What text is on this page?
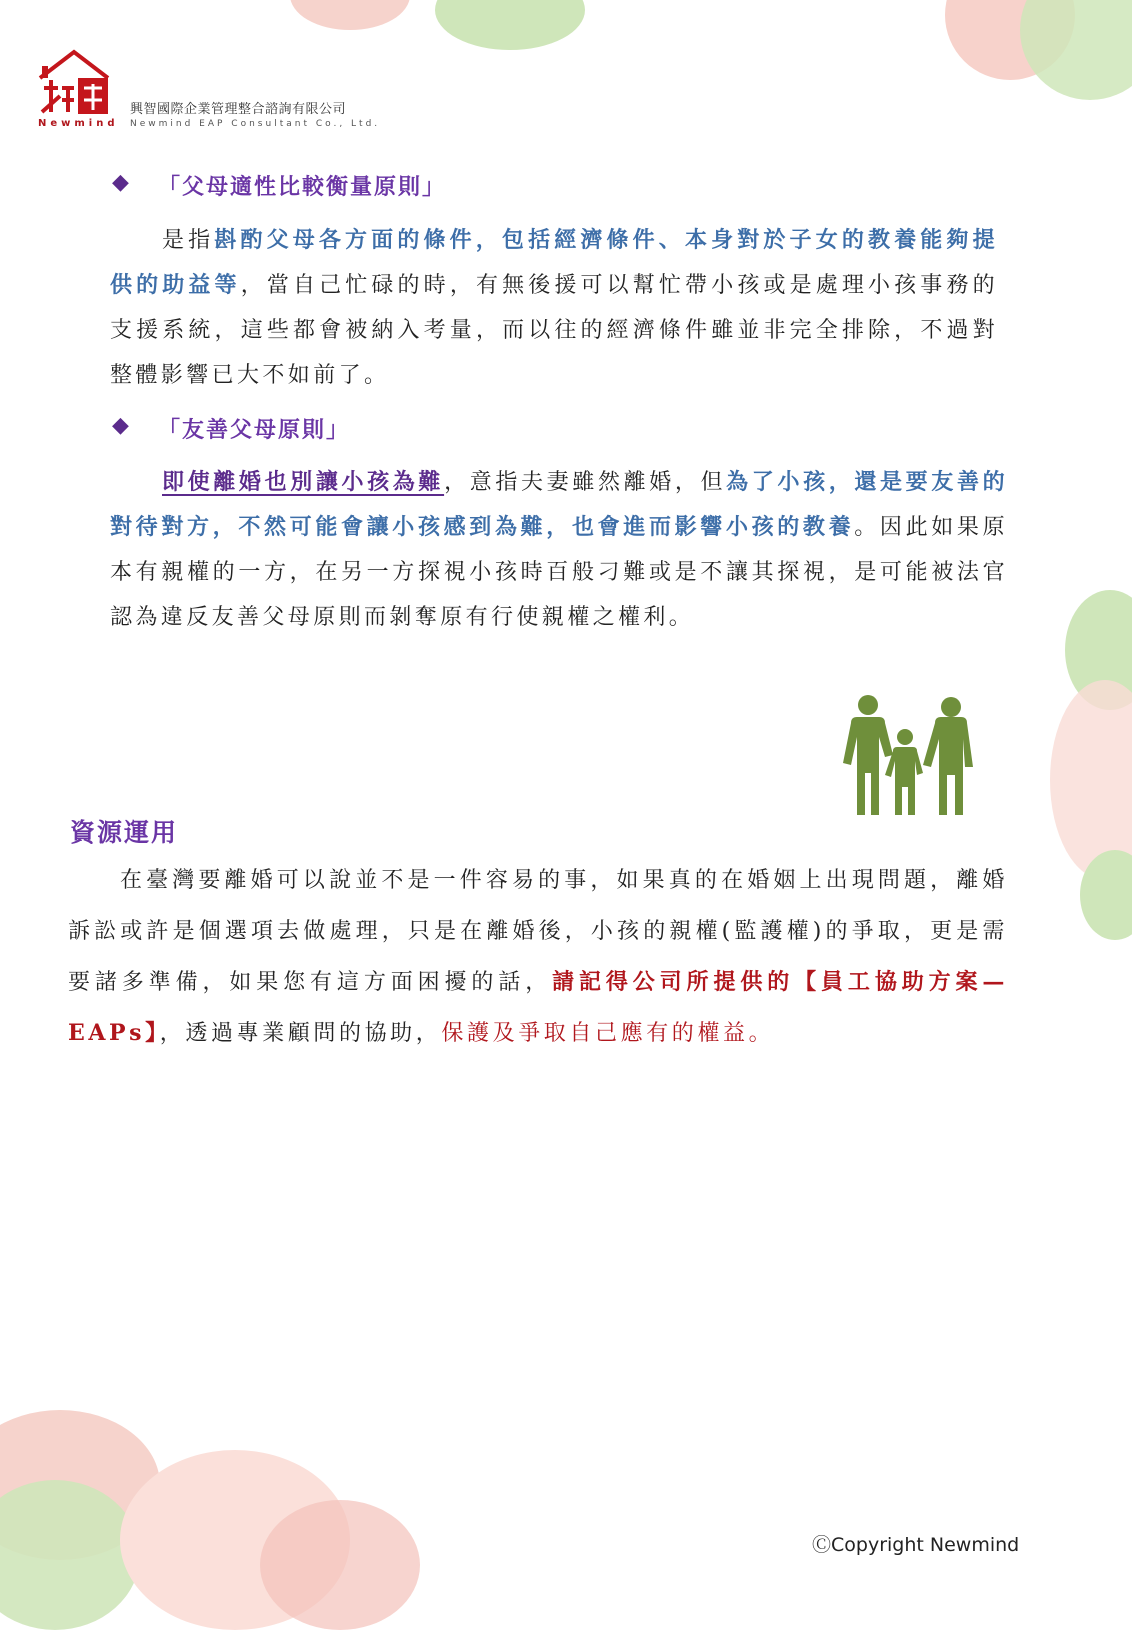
Newmind
興智國際企業管理整合諮詢有限公司
Newmind EAP Consultant Co., Ltd.
◆ 「父母適性比較衡量原則」
是指斟酌父母各方面的條件，包括經濟條件、本身對於子女的教養能夠提供的助益等，當自己忙碌的時，有無後援可以幫忙帶小孩或是處理小孩事務的支援系統，這些都會被納入考量，而以往的經濟條件雖並非完全排除，不過對整體影響已大不如前了。
◆ 「友善父母原則」
即使離婚也別讓小孩為難，意指夫妻雖然離婚，但為了小孩，還是要友善的對待對方，不然可能會讓小孩感到為難，也會進而影響小孩的教養。因此如果原本有親權的一方，在另一方探視小孩時百般刁難或是不讓其探視，是可能被法官認為違反友善父母原則而剝奪原有行使親權之權利。
資源運用
在臺灣要離婚可以說並不是一件容易的事，如果真的在婚姻上出現問題，離婚訴訟或許是個選項去做處理，只是在離婚後，小孩的親權(監護權)的爭取，更是需要諸多準備，如果您有這方面困擾的話，請記得公司所提供的【員工協助方案—EAPs】，透過專業顧問的協助，保護及爭取自己應有的權益。
ⒸCopyright Newmind
